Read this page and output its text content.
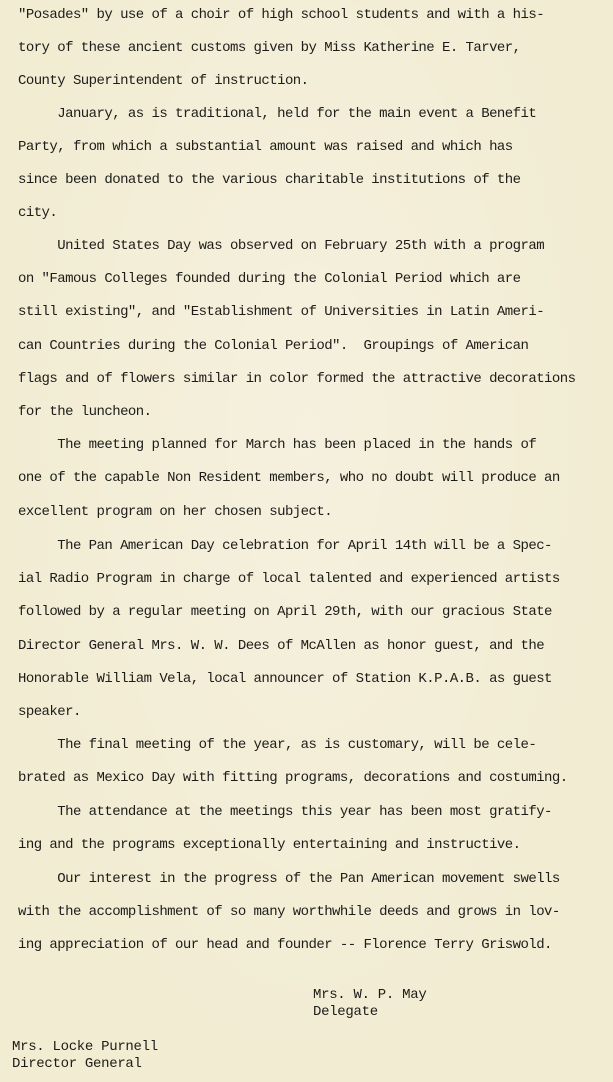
"Posades" by use of a choir of high school students and with a his-
tory of these ancient customs given by Miss Katherine E. Tarver,
County Superintendent of instruction.
January, as is traditional, held for the main event a Benefit
Party, from which a substantial amount was raised and which has
since been donated to the various charitable institutions of the
city.
United States Day was observed on February 25th with a program
on "Famous Colleges founded during the Colonial Period which are
still existing", and "Establishment of Universities in Latin Ameri-
can Countries during the Colonial Period".  Groupings of American
flags and of flowers similar in color formed the attractive decorations
for the luncheon.
The meeting planned for March has been placed in the hands of
one of the capable Non Resident members, who no doubt will produce an
excellent program on her chosen subject.
The Pan American Day celebration for April 14th will be a Spec-
ial Radio Program in charge of local talented and experienced artists
followed by a regular meeting on April 29th, with our gracious State
Director General Mrs. W. W. Dees of McAllen as honor guest, and the
Honorable William Vela, local announcer of Station K.P.A.B. as guest
speaker.
The final meeting of the year, as is customary, will be cele-
brated as Mexico Day with fitting programs, decorations and costuming.
The attendance at the meetings this year has been most gratify-
ing and the programs exceptionally entertaining and instructive.
Our interest in the progress of the Pan American movement swells
with the accomplishment of so many worthwhile deeds and grows in lov-
ing appreciation of our head and founder -- Florence Terry Griswold.
Mrs. W. P. May
Delegate
Mrs. Locke Purnell
Director General
